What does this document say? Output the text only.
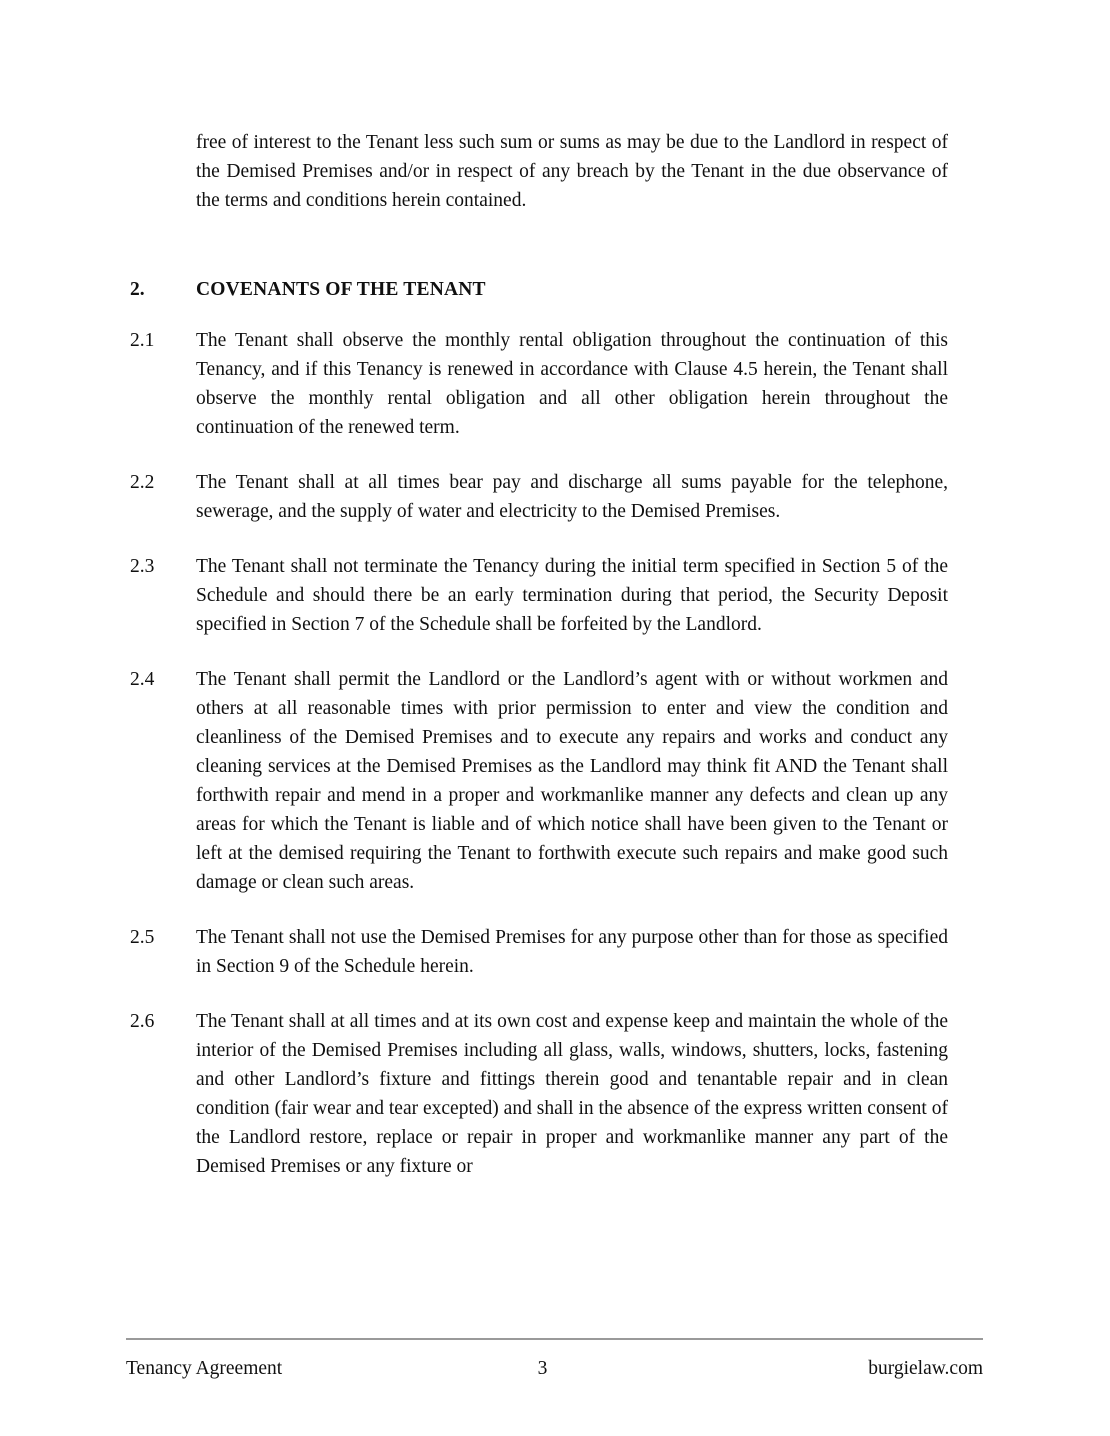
free of interest to the Tenant less such sum or sums as may be due to the Landlord in respect of the Demised Premises and/or in respect of any breach by the Tenant in the due observance of the terms and conditions herein contained.

2.	COVENANTS OF THE TENANT
2.1	The Tenant shall observe the monthly rental obligation throughout the continuation of this Tenancy, and if this Tenancy is renewed in accordance with Clause 4.5 herein, the Tenant shall observe the monthly rental obligation and all other obligation herein throughout the continuation of the renewed term.
2.2	The Tenant shall at all times bear pay and discharge all sums payable for the telephone, sewerage, and the supply of water and electricity to the Demised Premises.
2.3	The Tenant shall not terminate the Tenancy during the initial term specified in Section 5 of the Schedule and should there be an early termination during that period, the Security Deposit specified in Section 7 of the Schedule shall be forfeited by the Landlord.
2.4	The Tenant shall permit the Landlord or the Landlord’s agent with or without workmen and others at all reasonable times with prior permission to enter and view the condition and cleanliness of the Demised Premises and to execute any repairs and works and conduct any cleaning services at the Demised Premises as the Landlord may think fit AND the Tenant shall forthwith repair and mend in a proper and workmanlike manner any defects and clean up any areas for which the Tenant is liable and of which notice shall have been given to the Tenant or left at the demised requiring the Tenant to forthwith execute such repairs and make good such damage or clean such areas.
2.5	The Tenant shall not use the Demised Premises for any purpose other than for those as specified in Section 9 of the Schedule herein.
2.6	The Tenant shall at all times and at its own cost and expense keep and maintain the whole of the interior of the Demised Premises including all glass, walls, windows, shutters, locks, fastening and other Landlord’s fixture and fittings therein good and tenantable repair and in clean condition (fair wear and tear excepted) and shall in the absence of the express written consent of the Landlord restore, replace or repair in proper and workmanlike manner any part of the Demised Premises or any fixture or
Tenancy Agreement	3	burgielaw.com
